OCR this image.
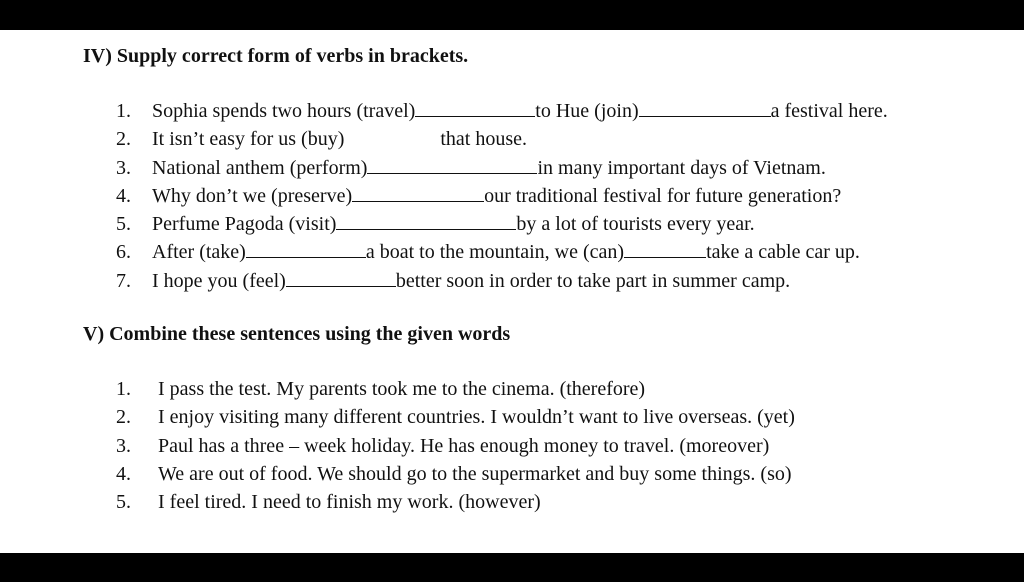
IV) Supply correct form of verbs in brackets.
1. Sophia spends two hours (travel)	to Hue (join)	a festival here.
2. It isn’t easy for us (buy)	that house.
3. National anthem (perform)	in many important days of Vietnam.
4. Why don’t we (preserve)	our traditional festival for future generation?
5. Perfume Pagoda (visit)	by a lot of tourists every year.
6. After (take)	a boat to the mountain, we (can)	take a cable car up.
7. I hope you (feel)	better soon in order to take part in summer camp.
V) Combine these sentences using the given words
1. I pass the test. My parents took me to the cinema. (therefore)
2. I enjoy visiting many different countries. I wouldn’t want to live overseas. (yet)
3. Paul has a three – week holiday. He has enough money to travel. (moreover)
4. We are out of food. We should go to the supermarket and buy some things. (so)
5. I feel tired. I need to finish my work. (however)
